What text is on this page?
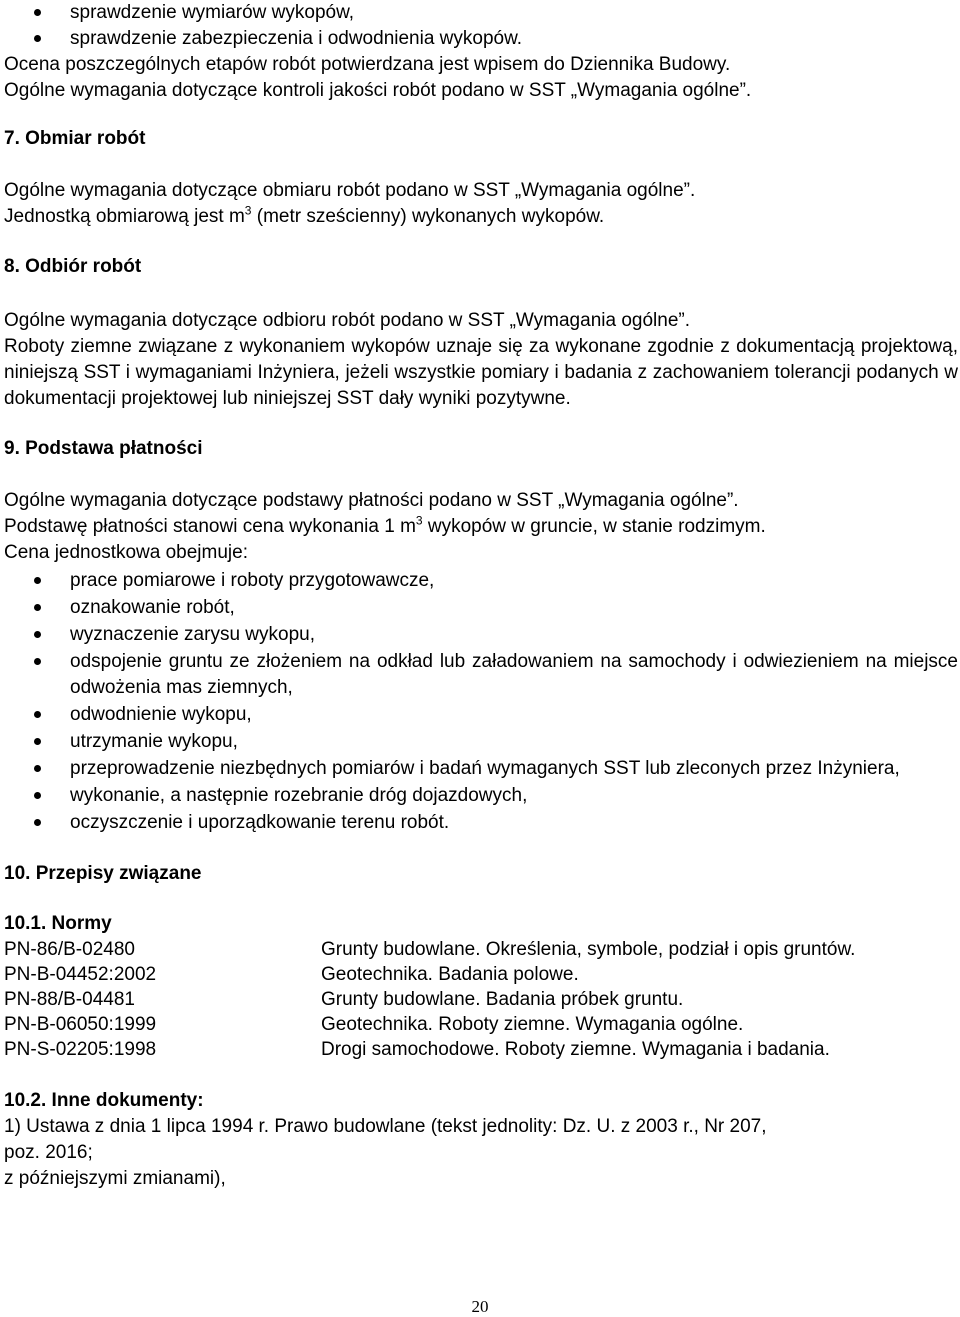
sprawdzenie wymiarów wykopów,
sprawdzenie zabezpieczenia i odwodnienia wykopów.

Ocena poszczególnych etapów robót potwierdzana jest wpisem do Dziennika Budowy.

Ogólne wymagania dotyczące kontroli jakości robót podano w SST „Wymagania ogólne”.

7. Obmiar robót

Ogólne wymagania dotyczące obmiaru robót podano w SST „Wymagania ogólne”.

Jednostką obmiarową jest $m^3$ (metr sześcienny) wykonanych wykopów.

8. Odbiór robót

Ogólne wymagania dotyczące odbioru robót podano w SST „Wymagania ogólne”.

Roboty ziemne związane z wykonaniem wykopów uznaje się za wykonane zgodnie z dokumentacją projektową, niniejszą SST i wymaganiami Inżyniera, jeżeli wszystkie pomiary i badania z zachowaniem tolerancji podanych w dokumentacji projektowej lub niniejszej SST dały wyniki pozytywne.

9. Podstawa płatności

Ogólne wymagania dotyczące podstawy płatności podano w SST „Wymagania ogólne”.

Podstawę płatności stanowi cena wykonania 1 $m^3$ wykopów w gruncie, w stanie rodzimym.

Cena jednostkowa obejmuje:

prace pomiarowe i roboty przygotowawcze,
oznakowanie robót,
wyznaczenie zarysu wykopu,
odspojenie gruntu ze złożeniem na odkład lub załadowaniem na samochody i odwiezieniem na miejsce odwożenia mas ziemnych,
odwodnienie wykopu,
utrzymanie wykopu,
przeprowadzenie niezbędnych pomiarów i badań wymaganych SST lub zleconych przez Inżyniera,
wykonanie, a następnie rozebranie dróg dojazdowych,
oczyszczenie i uporządkowanie terenu robót.

10. Przepisy związane

10.1. Normy

PN-86/B-02480	Grunty budowlane. Określenia, symbole, podział i opis gruntów.
PN-B-04452:2002	Geotechnika. Badania polowe.
PN-88/B-04481	Grunty budowlane. Badania próbek gruntu.
PN-B-06050:1999	Geotechnika. Roboty ziemne. Wymagania ogólne.
PN-S-02205:1998	Drogi samochodowe. Roboty ziemne. Wymagania i badania.

10.2. Inne dokumenty:

1) Ustawa z dnia 1 lipca 1994 r. Prawo budowlane (tekst jednolity: Dz. U. z 2003 r., Nr 207,

poz. 2016;

z późniejszymi zmianami),

20
